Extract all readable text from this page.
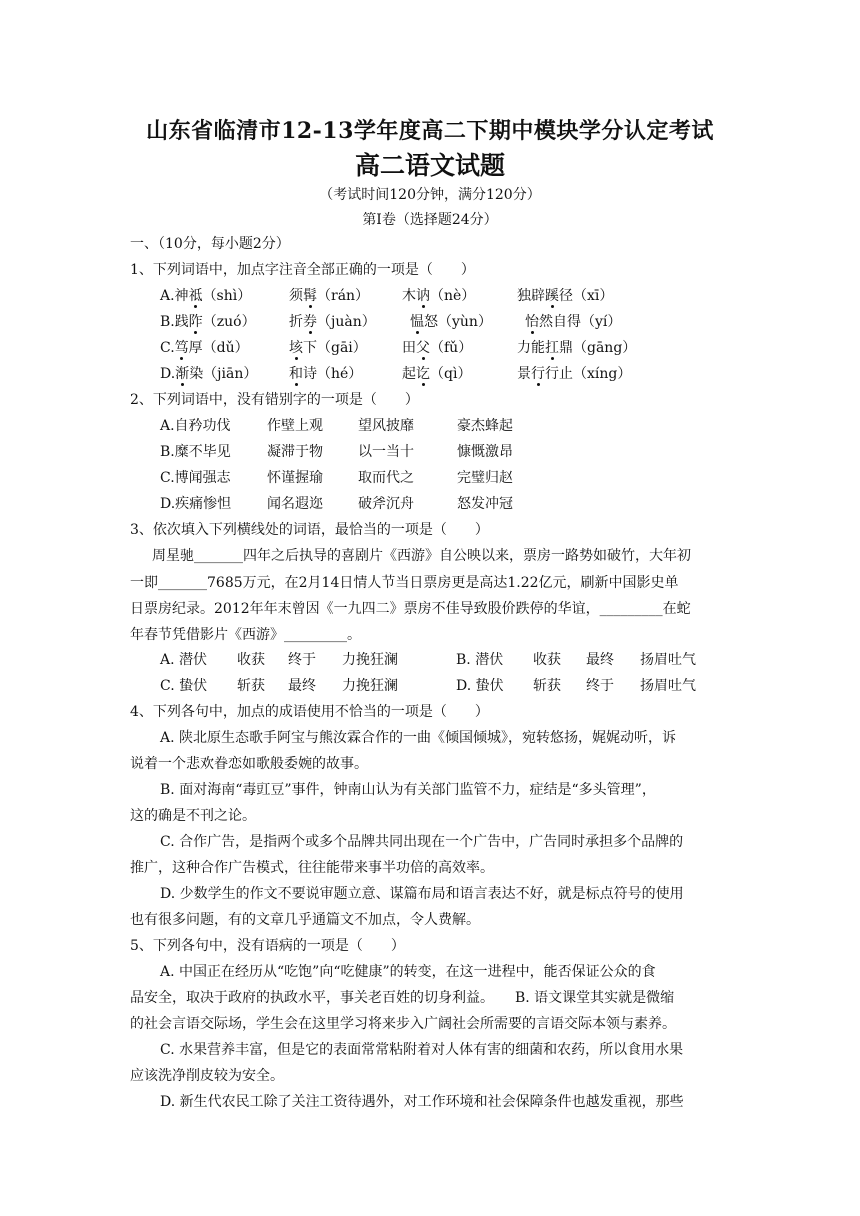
山东省临清市12-13学年度高二下期中模块学分认定考试
高二语文试题
（考试时间120分钟，满分120分）
第Ⅰ卷（选择题24分）
一、（10分，每小题2分）
1、下列词语中，加点字注音全部正确的一项是（　　）
A.神祗（shì）	须髯（rán） 木讷（nè）	独辟蹊径（xī）
B.践阼（zuó） 折券（juàn） 愠怒（yùn） 怡然自得（yí）
C.笃厚（dǔ）	垓下（gāi）	田父（fǔ）	力能扛鼎（gāng）
D.渐染（jiān） 和诗（hé）	起讫（qì）	景行行止（xíng）
2、下列词语中，没有错别字的一项是（　　）
A.自矜功伐	作壁上观	望风披靡	豪杰蜂起
B.糜不毕见	凝滞于物	以一当十	慷慨激昂
C.博闻强志	怀谨握瑜	取而代之	完璧归赵
D.疾痛惨怛	闻名遐迩	破斧沉舟	怒发冲冠
3、依次填入下列横线处的词语，最恰当的一项是（　　）
周星驰_______四年之后执导的喜剧片《西游》自公映以来，票房一路势如破竹，大年初
一即_______7685万元，在2月14日情人节当日票房更是高达1.22亿元，刷新中国影史单
日票房纪录。2012年年末曾因《一九四二》票房不佳导致股价跌停的华谊，_________在蛇
年春节凭借影片《西游》_________。
A. 潜伏 收获 终于 力挽狂澜	B. 潜伏 收获 最终 扬眉吐气
C. 蛰伏 斩获 最终 力挽狂澜	D. 蛰伏 斩获 终于 扬眉吐气
4、下列各句中，加点的成语使用不恰当的一项是（　　）
A. 陕北原生态歌手阿宝与熊汝霖合作的一曲《倾国倾城》，宛转悠扬，娓娓动听，诉
说着一个悲欢眷恋如歌般委婉的故事。
B. 面对海南“毒豇豆”事件，钟南山认为有关部门监管不力，症结是“多头管理”，
这的确是不刊之论。
C. 合作广告，是指两个或多个品牌共同出现在一个广告中，广告同时承担多个品牌的
推广，这种合作广告模式，往往能带来事半功倍的高效率。
D. 少数学生的作文不要说审题立意、谋篇布局和语言表达不好，就是标点符号的使用
也有很多问题，有的文章几乎通篇文不加点，令人费解。
5、下列各句中，没有语病的一项是（　　）
A. 中国正在经历从“吃饱”向“吃健康”的转变，在这一进程中，能否保证公众的食
品安全，取决于政府的执政水平，事关老百姓的切身利益。　　B. 语文课堂其实就是微缩
的社会言语交际场，学生会在这里学习将来步入广阔社会所需要的言语交际本领与素养。
C. 水果营养丰富，但是它的表面常常粘附着对人体有害的细菌和农药，所以食用水果
应该洗净削皮较为安全。
D. 新生代农民工除了关注工资待遇外，对工作环境和社会保障条件也越发重视，那些
